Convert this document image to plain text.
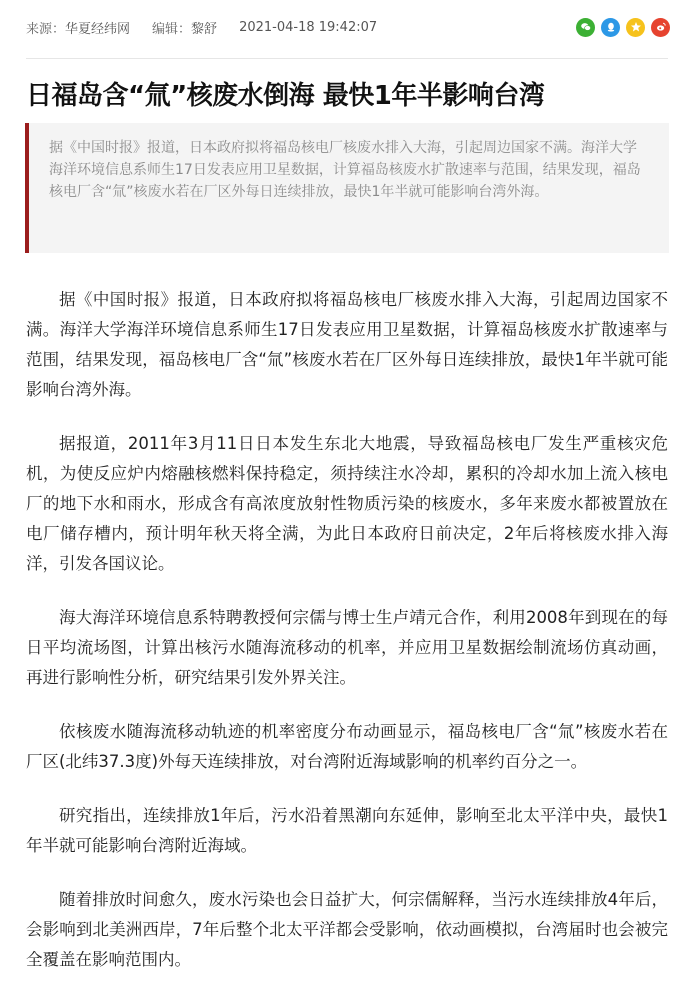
来源：华夏经纬网 编辑：黎舒 2021-04-18 19:42:07
日福岛含“氚”核废水倒海 最快1年半影响台湾
据《中国时报》报道，日本政府拟将福岛核电厂核废水排入大海，引起周边国家不满。海洋大学海洋环境信息系师生17日发表应用卫星数据，计算福岛核废水扩散速率与范围，结果发现，福岛核电厂含“氚”核废水若在厂区外每日连续排放，最快1年半就可能影响台湾外海。

据《中国时报》报道，日本政府拟将福岛核电厂核废水排入大海，引起周边国家不满。海洋大学海洋环境信息系师生17日发表应用卫星数据，计算福岛核废水扩散速率与范围，结果发现，福岛核电厂含“氚”核废水若在厂区外每日连续排放，最快1年半就可能影响台湾外海。

据报道，2011年3月11日日本发生东北大地震，导致福岛核电厂发生严重核灾危机，为使反应炉内熔融核燃料保持稳定，须持续注水冷却，累积的冷却水加上流入核电厂的地下水和雨水，形成含有高浓度放射性物质污染的核废水，多年来废水都被置放在电厂储存槽内，预计明年秋天将全满，为此日本政府日前决定，2年后将核废水排入海洋，引发各国议论。

海大海洋环境信息系特聘教授何宗儒与博士生卢靖元合作，利用2008年到现在的每日平均流场图，计算出核污水随海流移动的机率，并应用卫星数据绘制流场仿真动画，再进行影响性分析，研究结果引发外界关注。

依核废水随海流移动轨迹的机率密度分布动画显示，福岛核电厂含“氚”核废水若在厂区(北纬37.3度)外每天连续排放，对台湾附近海域影响的机率约百分之一。

研究指出，连续排放1年后，污水沿着黑潮向东延伸，影响至北太平洋中央，最快1年半就可能影响台湾附近海域。

随着排放时间愈久，废水污染也会日益扩大，何宗儒解释，当污水连续排放4年后，会影响到北美洲西岸，7年后整个北太平洋都会受影响，依动画模拟，台湾届时也会被完全覆盖在影响范围内。
